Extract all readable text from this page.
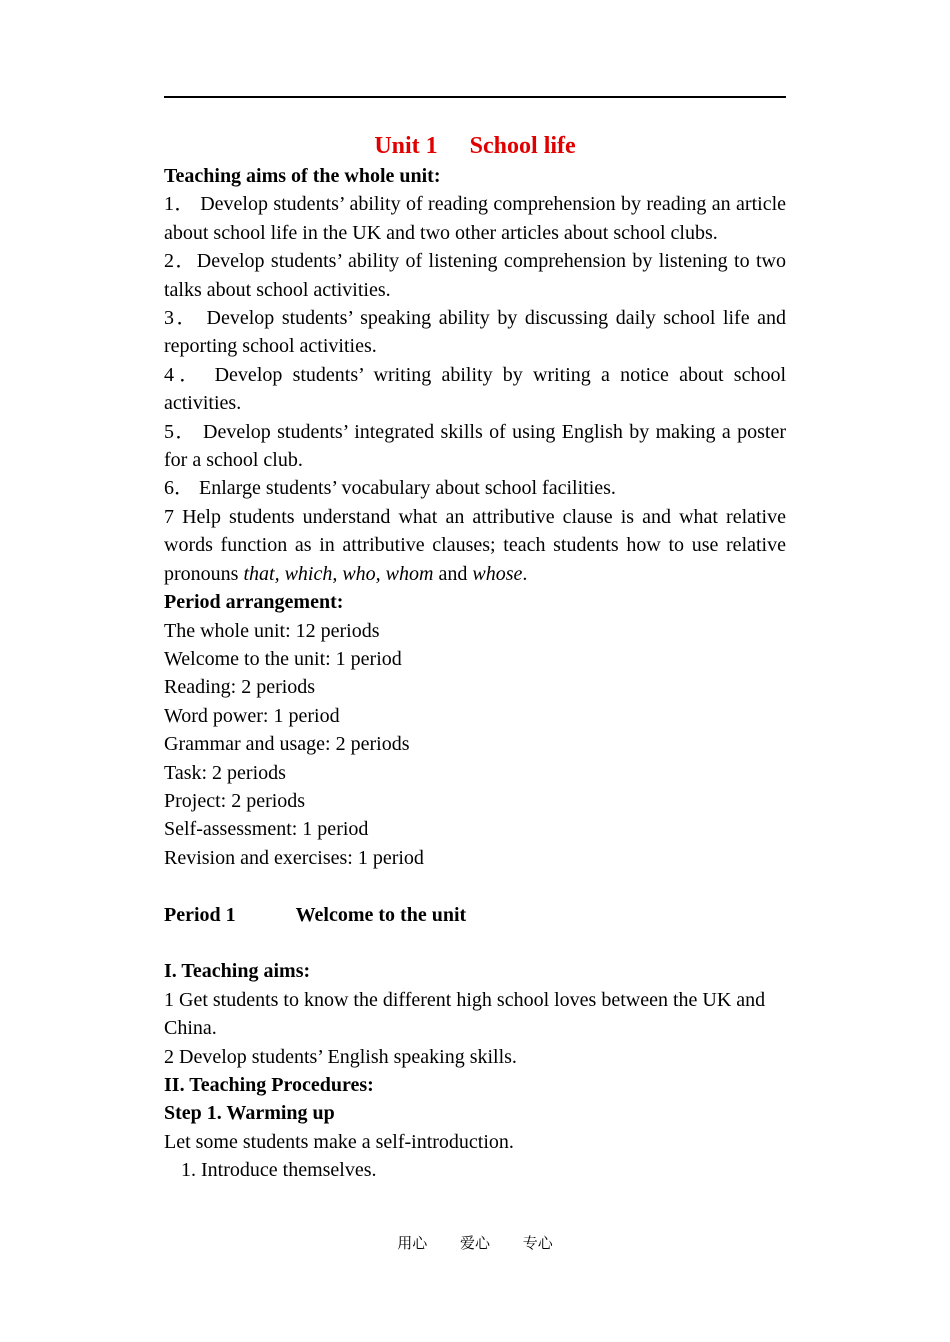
Unit 1 School life

Teaching aims of the whole unit:

1． Develop students’ ability of reading comprehension by reading an article about school life in the UK and two other articles about school clubs.

2．Develop students’ ability of listening comprehension by listening to two talks about school activities.

3． Develop students’ speaking ability by discussing daily school life and reporting school activities.

4． Develop students’ writing ability by writing a notice about school activities.

5． Develop students’ integrated skills of using English by making a poster for a school club.

6． Enlarge students’ vocabulary about school facilities.

7 Help students understand what an attributive clause is and what relative words function as in attributive clauses; teach students how to use relative pronouns that, which, who, whom and whose.

Period arrangement:

The whole unit: 12 periods

Welcome to the unit: 1 period

Reading: 2 periods

Word power: 1 period

Grammar and usage: 2 periods

Task: 2 periods

Project: 2 periods

Self-assessment: 1 period

Revision and exercises: 1 period

Period 1	Welcome to the unit

I. Teaching aims:

1 Get students to know the different high school loves between the UK and China.

2 Develop students’ English speaking skills.

II. Teaching Procedures:

Step 1. Warming up

Let some students make a self-introduction.

1. Introduce themselves.

用心 爱心 专心
